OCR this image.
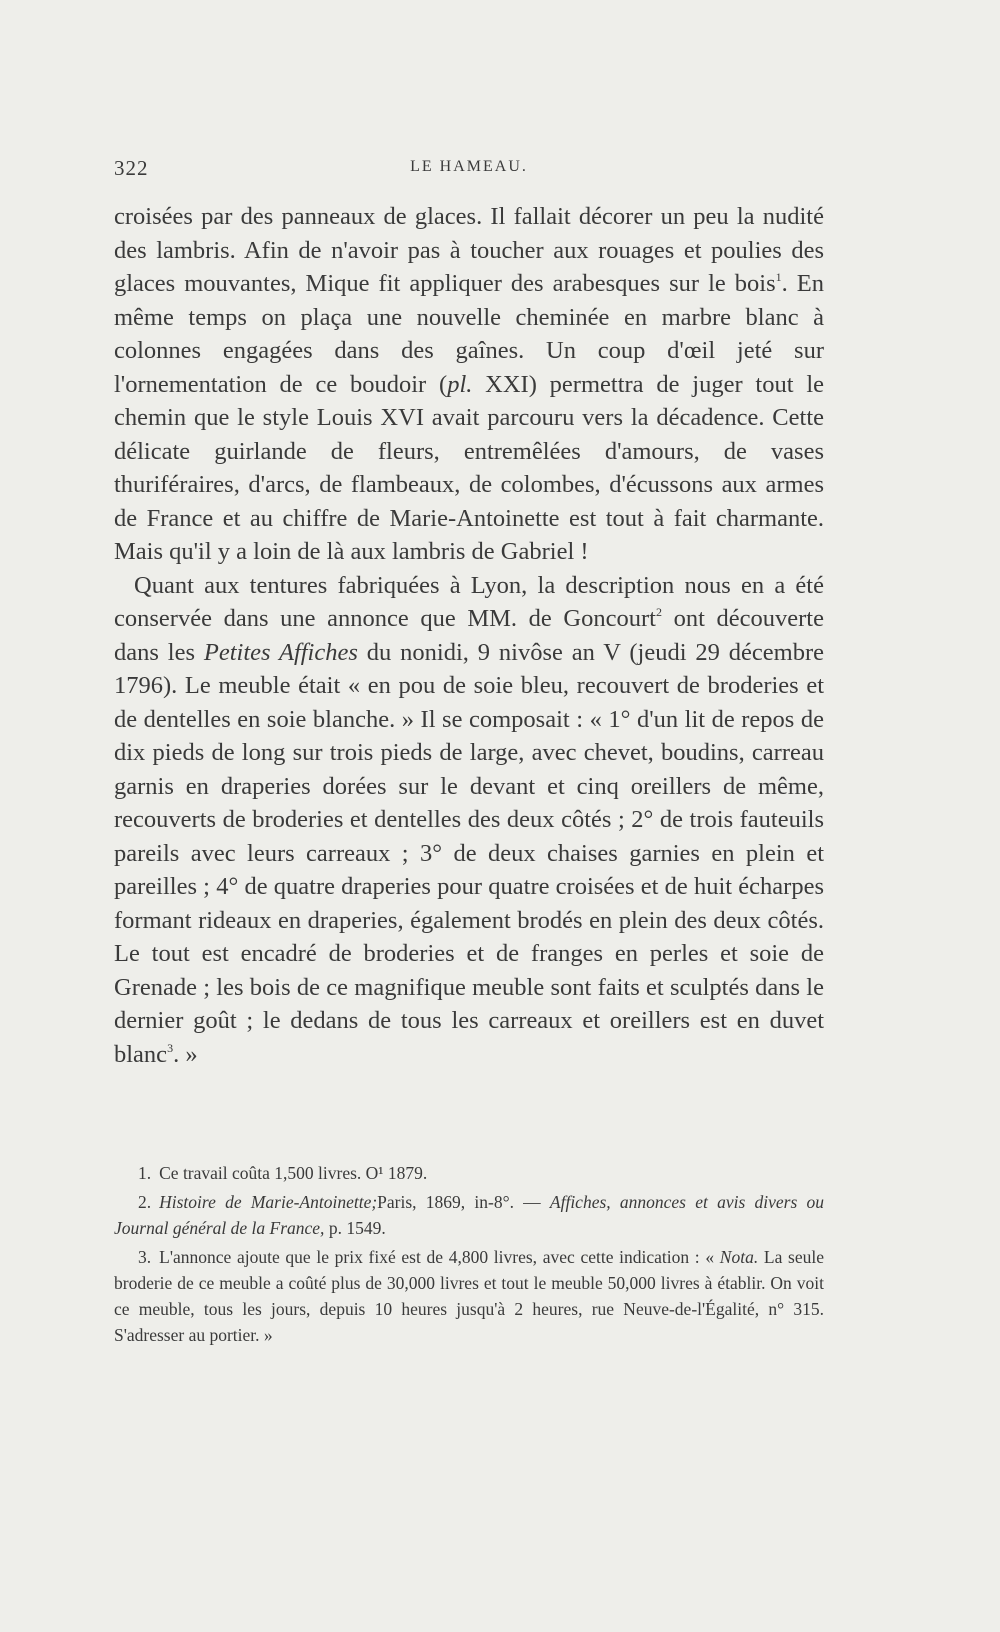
322	LE HAMEAU.

croisées par des panneaux de glaces. Il fallait décorer un peu la nudité des lambris. Afin de n'avoir pas à toucher aux rouages et poulies des glaces mouvantes, Mique fit appliquer des arabesques sur le bois$^1$. En même temps on plaça une nouvelle cheminée en marbre blanc à colonnes engagées dans des gaînes. Un coup d'œil jeté sur l'ornementation de ce boudoir (pl. XXI) permettra de juger tout le chemin que le style Louis XVI avait parcouru vers la décadence. Cette délicate guirlande de fleurs, entremêlées d'amours, de vases thuriféraires, d'arcs, de flambeaux, de colombes, d'écussons aux armes de France et au chiffre de Marie-Antoinette est tout à fait charmante. Mais qu'il y a loin de là aux lambris de Gabriel !

Quant aux tentures fabriquées à Lyon, la description nous en a été conservée dans une annonce que MM. de Goncourt$^2$ ont découverte dans les Petites Affiches du nonidi, 9 nivôse an V (jeudi 29 décembre 1796). Le meuble était « en pou de soie bleu, recouvert de broderies et de dentelles en soie blanche. » Il se composait : « 1° d'un lit de repos de dix pieds de long sur trois pieds de large, avec chevet, boudins, carreau garnis en draperies dorées sur le devant et cinq oreillers de même, recouverts de broderies et dentelles des deux côtés ; 2° de trois fauteuils pareils avec leurs carreaux ; 3° de deux chaises garnies en plein et pareilles ; 4° de quatre draperies pour quatre croisées et de huit écharpes formant rideaux en draperies, également brodés en plein des deux côtés. Le tout est encadré de broderies et de franges en perles et soie de Grenade ; les bois de ce magnifique meuble sont faits et sculptés dans le dernier goût ; le dedans de tous les carreaux et oreillers est en duvet blanc$^3$. »

1. Ce travail coûta 1,500 livres. O¹ 1879.

2. Histoire de Marie-Antoinette;Paris, 1869, in-8°. — Affiches, annonces et avis divers ou Journal général de la France, p. 1549.

3. L'annonce ajoute que le prix fixé est de 4,800 livres, avec cette indication : « Nota. La seule broderie de ce meuble a coûté plus de 30,000 livres et tout le meuble 50,000 livres à établir. On voit ce meuble, tous les jours, depuis 10 heures jusqu'à 2 heures, rue Neuve-de-l'Égalité, n° 315. S'adresser au portier. »
